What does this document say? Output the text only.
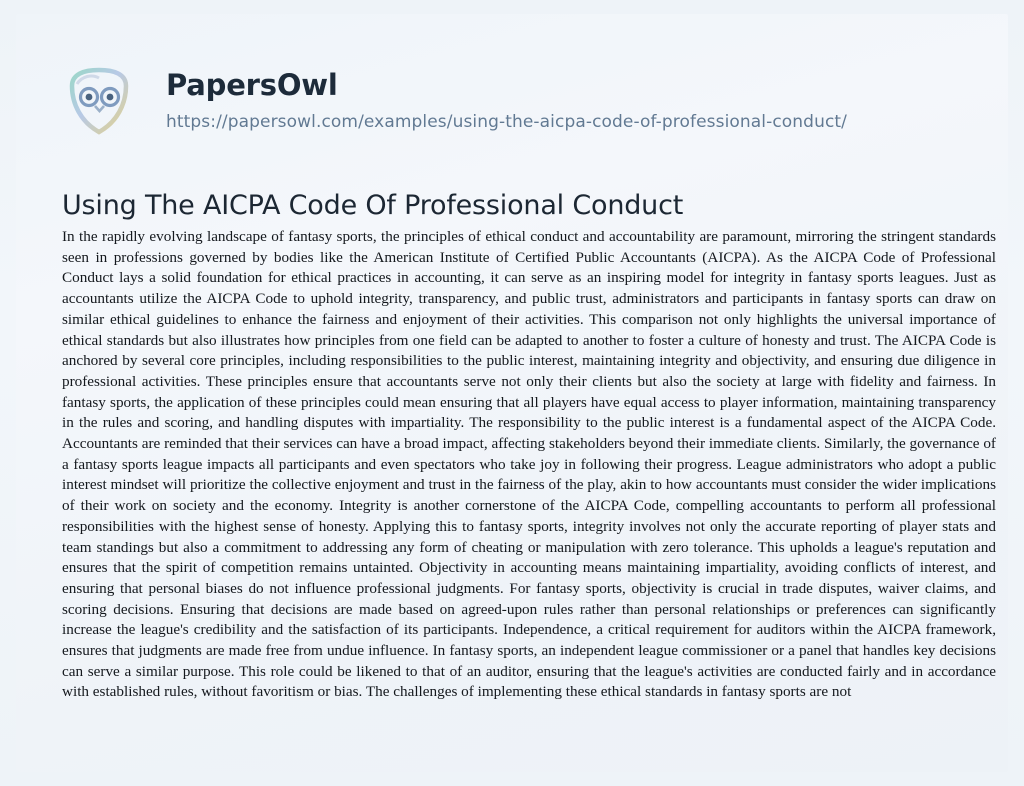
PapersOwl
https://papersowl.com/examples/using-the-aicpa-code-of-professional-conduct/
Using The AICPA Code Of Professional Conduct
In the rapidly evolving landscape of fantasy sports, the principles of ethical conduct and accountability are paramount, mirroring the stringent standards seen in professions governed by bodies like the American Institute of Certified Public Accountants (AICPA). As the AICPA Code of Professional Conduct lays a solid foundation for ethical practices in accounting, it can serve as an inspiring model for integrity in fantasy sports leagues. Just as accountants utilize the AICPA Code to uphold integrity, transparency, and public trust, administrators and participants in fantasy sports can draw on similar ethical guidelines to enhance the fairness and enjoyment of their activities. This comparison not only highlights the universal importance of ethical standards but also illustrates how principles from one field can be adapted to another to foster a culture of honesty and trust. The AICPA Code is anchored by several core principles, including responsibilities to the public interest, maintaining integrity and objectivity, and ensuring due diligence in professional activities. These principles ensure that accountants serve not only their clients but also the society at large with fidelity and fairness. In fantasy sports, the application of these principles could mean ensuring that all players have equal access to player information, maintaining transparency in the rules and scoring, and handling disputes with impartiality. The responsibility to the public interest is a fundamental aspect of the AICPA Code. Accountants are reminded that their services can have a broad impact, affecting stakeholders beyond their immediate clients. Similarly, the governance of a fantasy sports league impacts all participants and even spectators who take joy in following their progress. League administrators who adopt a public interest mindset will prioritize the collective enjoyment and trust in the fairness of the play, akin to how accountants must consider the wider implications of their work on society and the economy. Integrity is another cornerstone of the AICPA Code, compelling accountants to perform all professional responsibilities with the highest sense of honesty. Applying this to fantasy sports, integrity involves not only the accurate reporting of player stats and team standings but also a commitment to addressing any form of cheating or manipulation with zero tolerance. This upholds a league's reputation and ensures that the spirit of competition remains untainted. Objectivity in accounting means maintaining impartiality, avoiding conflicts of interest, and ensuring that personal biases do not influence professional judgments. For fantasy sports, objectivity is crucial in trade disputes, waiver claims, and scoring decisions. Ensuring that decisions are made based on agreed-upon rules rather than personal relationships or preferences can significantly increase the league's credibility and the satisfaction of its participants. Independence, a critical requirement for auditors within the AICPA framework, ensures that judgments are made free from undue influence. In fantasy sports, an independent league commissioner or a panel that handles key decisions can serve a similar purpose. This role could be likened to that of an auditor, ensuring that the league's activities are conducted fairly and in accordance with established rules, without favoritism or bias. The challenges of implementing these ethical standards in fantasy sports are not
